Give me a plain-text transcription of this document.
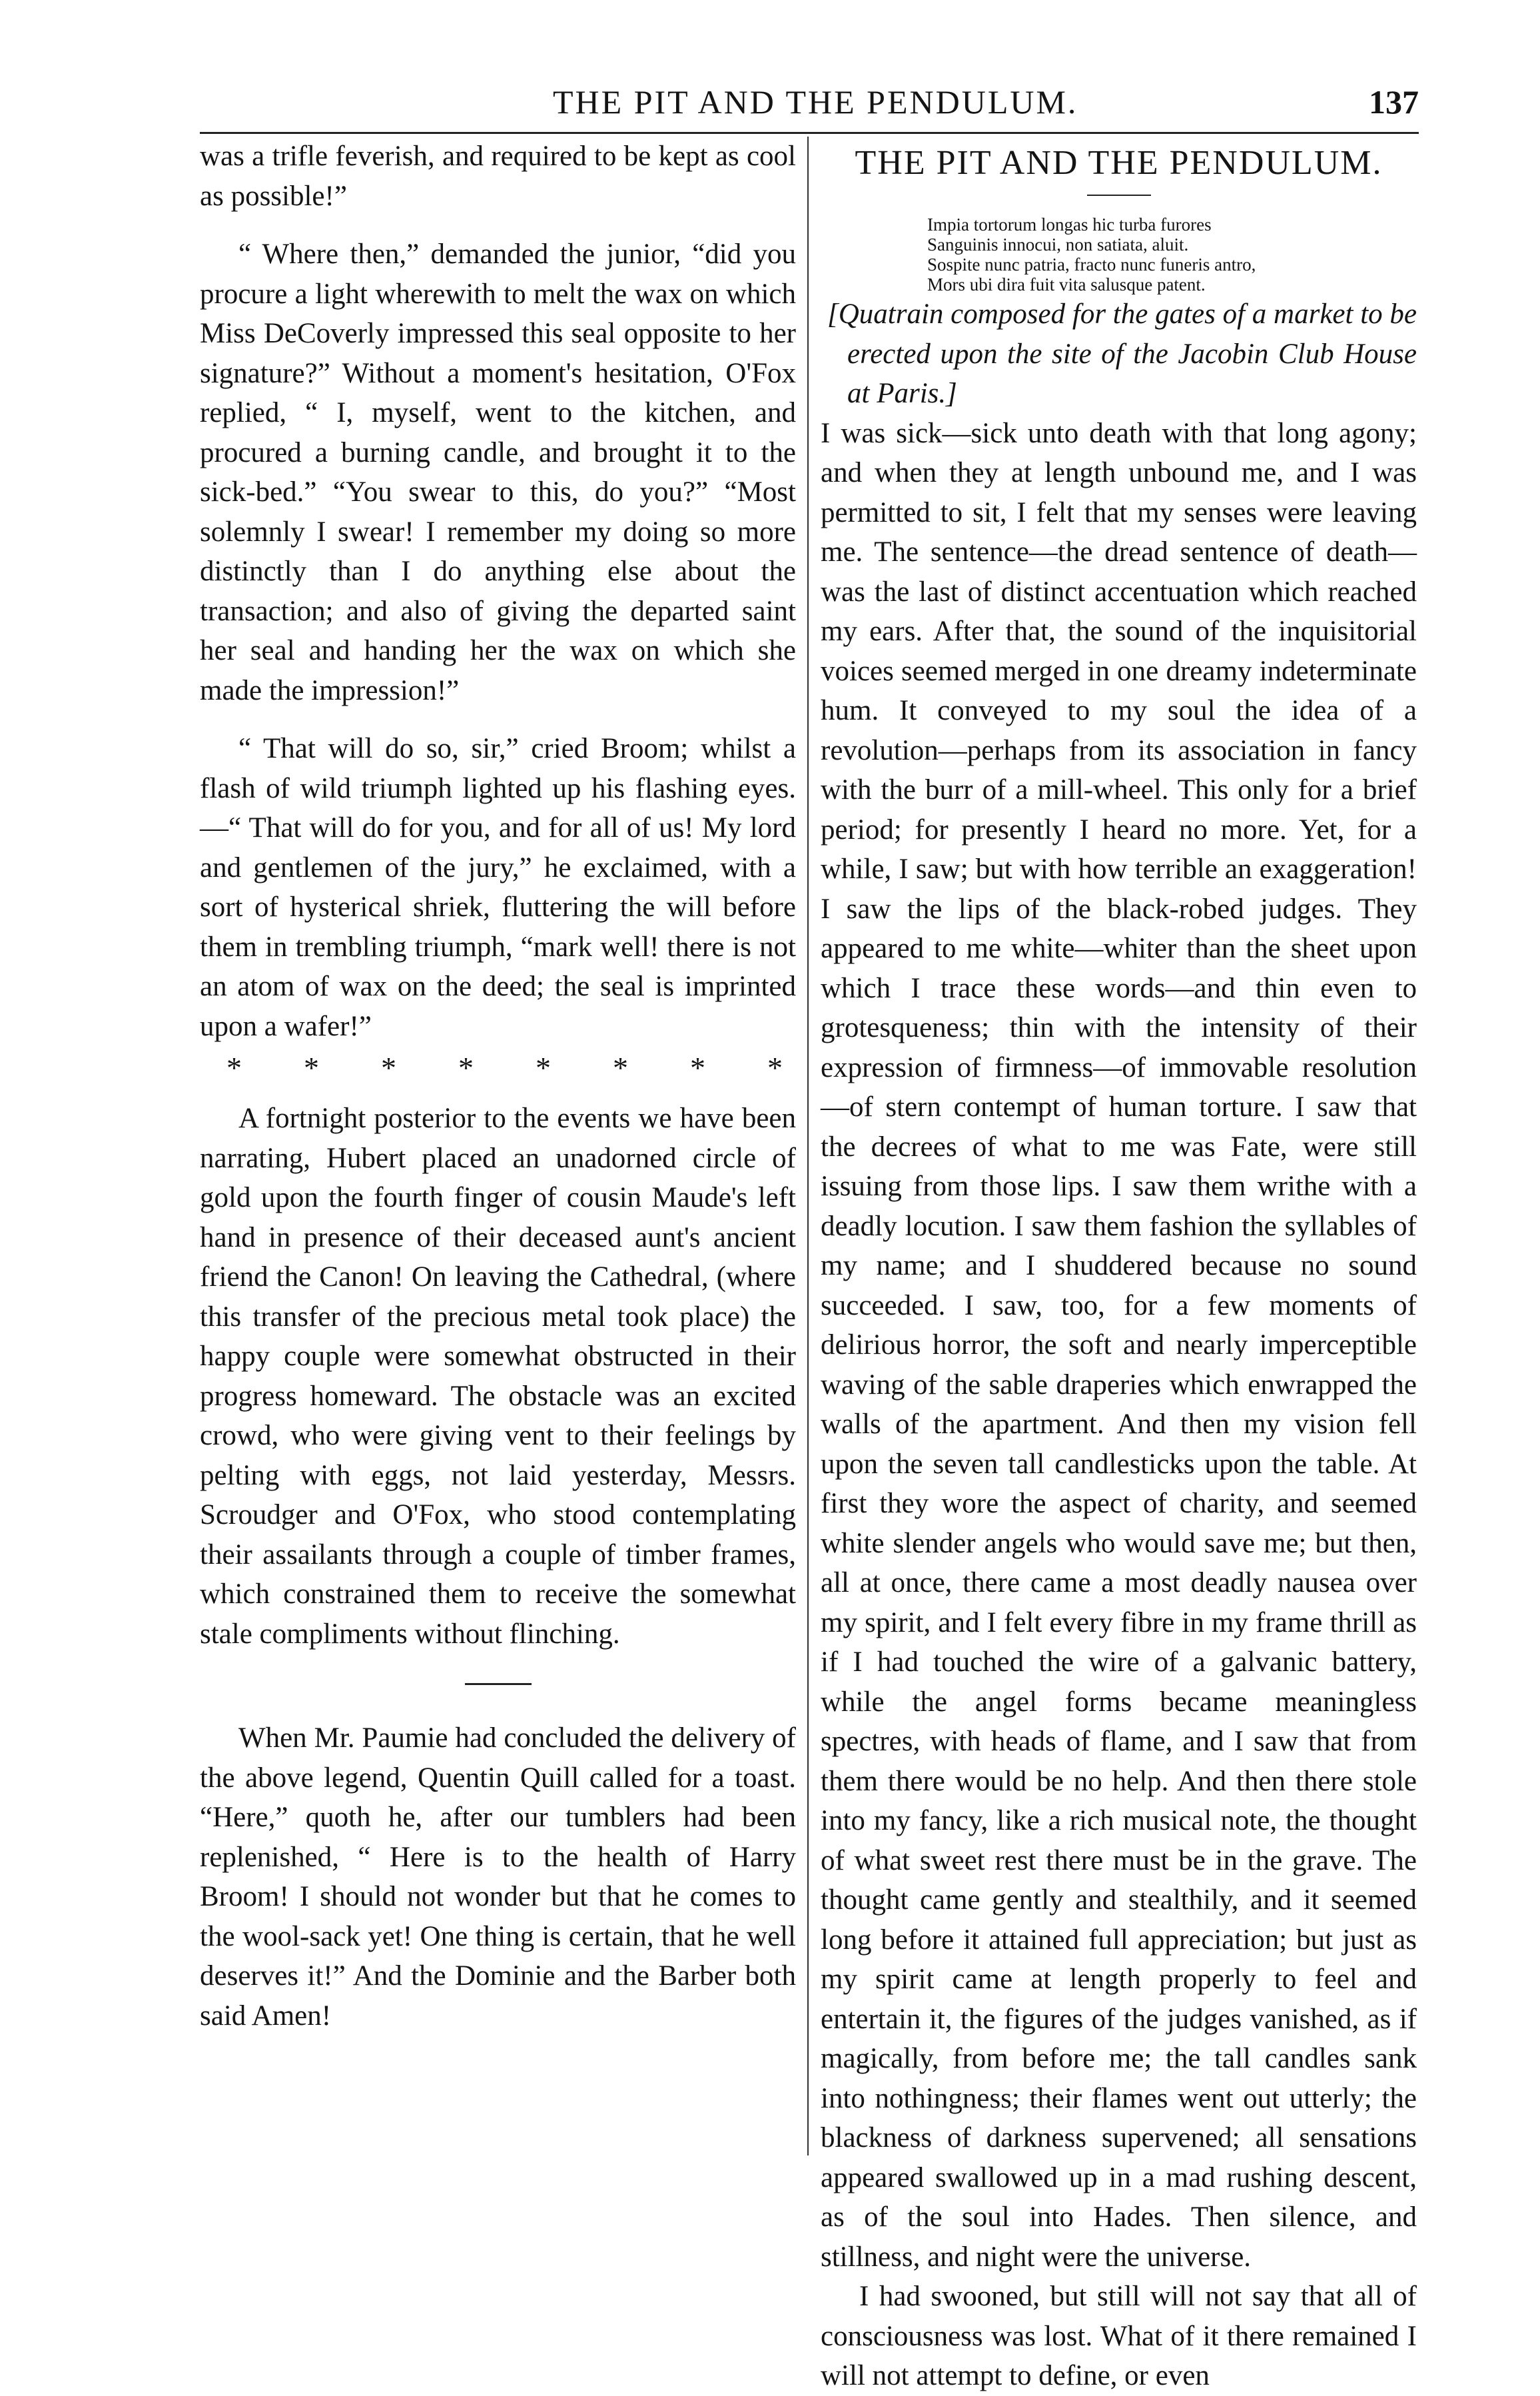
THE PIT AND THE PENDULUM.	137

was a trifle feverish, and required to be kept as cool as possible!”

“ Where then,” demanded the junior, “did you procure a light wherewith to melt the wax on which Miss DeCoverly impressed this seal opposite to her signature?” Without a moment's hesitation, O'Fox replied, “ I, myself, went to the kitchen, and procured a burning candle, and brought it to the sick-bed.” “You swear to this, do you?” “Most solemnly I swear! I remember my doing so more distinctly than I do anything else about the transaction; and also of giving the departed saint her seal and handing her the wax on which she made the impression!”

“ That will do so, sir,” cried Broom; whilst a flash of wild triumph lighted up his flashing eyes.—“ That will do for you, and for all of us! My lord and gentlemen of the jury,” he exclaimed, with a sort of hysterical shriek, fluttering the will before them in trembling triumph, “mark well! there is not an atom of wax on the deed; the seal is imprinted upon a wafer!”

* * * * * * * *

A fortnight posterior to the events we have been narrating, Hubert placed an unadorned circle of gold upon the fourth finger of cousin Maude's left hand in presence of their deceased aunt's ancient friend the Canon! On leaving the Cathedral, (where this transfer of the precious metal took place) the happy couple were somewhat obstructed in their progress homeward. The obstacle was an excited crowd, who were giving vent to their feelings by pelting with eggs, not laid yesterday, Messrs. Scroudger and O'Fox, who stood contemplating their assailants through a couple of timber frames, which constrained them to receive the somewhat stale compliments without flinching.

When Mr. Paumie had concluded the delivery of the above legend, Quentin Quill called for a toast. “Here,” quoth he, after our tumblers had been replenished, “ Here is to the health of Harry Broom! I should not wonder but that he comes to the wool-sack yet! One thing is certain, that he well deserves it!” And the Dominie and the Barber both said Amen!

THE PIT AND THE PENDULUM.
Impia tortorum longas hic turba furores
Sanguinis innocui, non satiata, aluit.
Sospite nunc patria, fracto nunc funeris antro,
Mors ubi dira fuit vita salusque patent.

[Quatrain composed for the gates of a market to be erected upon the site of the Jacobin Club House at Paris.]

I was sick—sick unto death with that long agony; and when they at length unbound me, and I was permitted to sit, I felt that my senses were leaving me. The sentence—the dread sentence of death—was the last of distinct accentuation which reached my ears. After that, the sound of the inquisitorial voices seemed merged in one dreamy indeterminate hum. It conveyed to my soul the idea of a revolution—perhaps from its association in fancy with the burr of a mill-wheel. This only for a brief period; for presently I heard no more. Yet, for a while, I saw; but with how terrible an exaggeration! I saw the lips of the black-robed judges. They appeared to me white—whiter than the sheet upon which I trace these words—and thin even to grotesqueness; thin with the intensity of their expression of firmness—of immovable resolution—of stern contempt of human torture. I saw that the decrees of what to me was Fate, were still issuing from those lips. I saw them writhe with a deadly locution. I saw them fashion the syllables of my name; and I shuddered because no sound succeeded. I saw, too, for a few moments of delirious horror, the soft and nearly imperceptible waving of the sable draperies which enwrapped the walls of the apartment. And then my vision fell upon the seven tall candlesticks upon the table. At first they wore the aspect of charity, and seemed white slender angels who would save me; but then, all at once, there came a most deadly nausea over my spirit, and I felt every fibre in my frame thrill as if I had touched the wire of a galvanic battery, while the angel forms became meaningless spectres, with heads of flame, and I saw that from them there would be no help. And then there stole into my fancy, like a rich musical note, the thought of what sweet rest there must be in the grave. The thought came gently and stealthily, and it seemed long before it attained full appreciation; but just as my spirit came at length properly to feel and entertain it, the figures of the judges vanished, as if magically, from before me; the tall candles sank into nothingness; their flames went out utterly; the blackness of darkness supervened; all sensations appeared swallowed up in a mad rushing descent, as of the soul into Hades. Then silence, and stillness, and night were the universe.

I had swooned, but still will not say that all of consciousness was lost. What of it there remained I will not attempt to define, or even
